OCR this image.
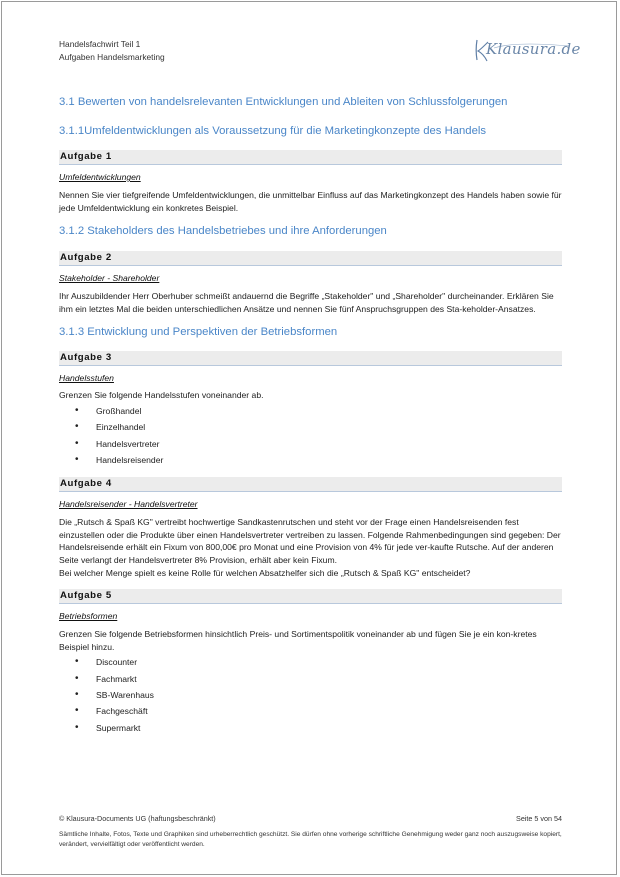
Handelsfachwirt Teil 1
Aufgaben Handelsmarketing	Klausura.de
3.1 Bewerten von handelsrelevanten Entwicklungen und Ableiten von Schlussfolgerungen
3.1.1Umfeldentwicklungen als Voraussetzung für die Marketingkonzepte des Handels
Aufgabe 1
Umfeldentwicklungen
Nennen Sie vier tiefgreifende Umfeldentwicklungen, die unmittelbar Einfluss auf das Marketingkonzept des Handels haben sowie für jede Umfeldentwicklung ein konkretes Beispiel.
3.1.2 Stakeholders des Handelsbetriebes und ihre Anforderungen
Aufgabe 2
Stakeholder - Shareholder
Ihr Auszubildender Herr Oberhuber schmeißt andauernd die Begriffe „Stakeholder" und „Shareholder" durcheinander. Erklären Sie ihm ein letztes Mal die beiden unterschiedlichen Ansätze und nennen Sie fünf Anspruchsgruppen des Sta-keholder-Ansatzes.
3.1.3 Entwicklung und Perspektiven der Betriebsformen
Aufgabe 3
Handelsstufen
Grenzen Sie folgende Handelsstufen voneinander ab.
• Großhandel
• Einzelhandel
• Handelsvertreter
• Handelsreisender
Aufgabe 4
Handelsreisender - Handelsvertreter
Die „Rutsch & Spaß KG" vertreibt hochwertige Sandkastenrutschen und steht vor der Frage einen Handelsreisenden fest einzustellen oder die Produkte über einen Handelsvertreter vertreiben zu lassen. Folgende Rahmenbedingungen sind gegeben: Der Handelsreisende erhält ein Fixum von 800,00€ pro Monat und eine Provision von 4% für jede ver-kaufte Rutsche. Auf der anderen Seite verlangt der Handelsvertreter 8% Provision, erhält aber kein Fixum.
Bei welcher Menge spielt es keine Rolle für welchen Absatzhelfer sich die „Rutsch & Spaß KG" entscheidet?
Aufgabe 5
Betriebsformen
Grenzen Sie folgende Betriebsformen hinsichtlich Preis- und Sortimentspolitik voneinander ab und fügen Sie je ein kon-kretes Beispiel hinzu.
• Discounter
• Fachmarkt
• SB-Warenhaus
• Fachgeschäft
• Supermarkt
© Klausura-Documents UG (haftungsbeschränkt)	Seite 5 von 54
Sämtliche Inhalte, Fotos, Texte und Graphiken sind urheberrechtlich geschützt. Sie dürfen ohne vorherige schriftliche Genehmigung weder ganz noch auszugsweise kopiert, verändert, vervielfältigt oder veröffentlicht werden.
